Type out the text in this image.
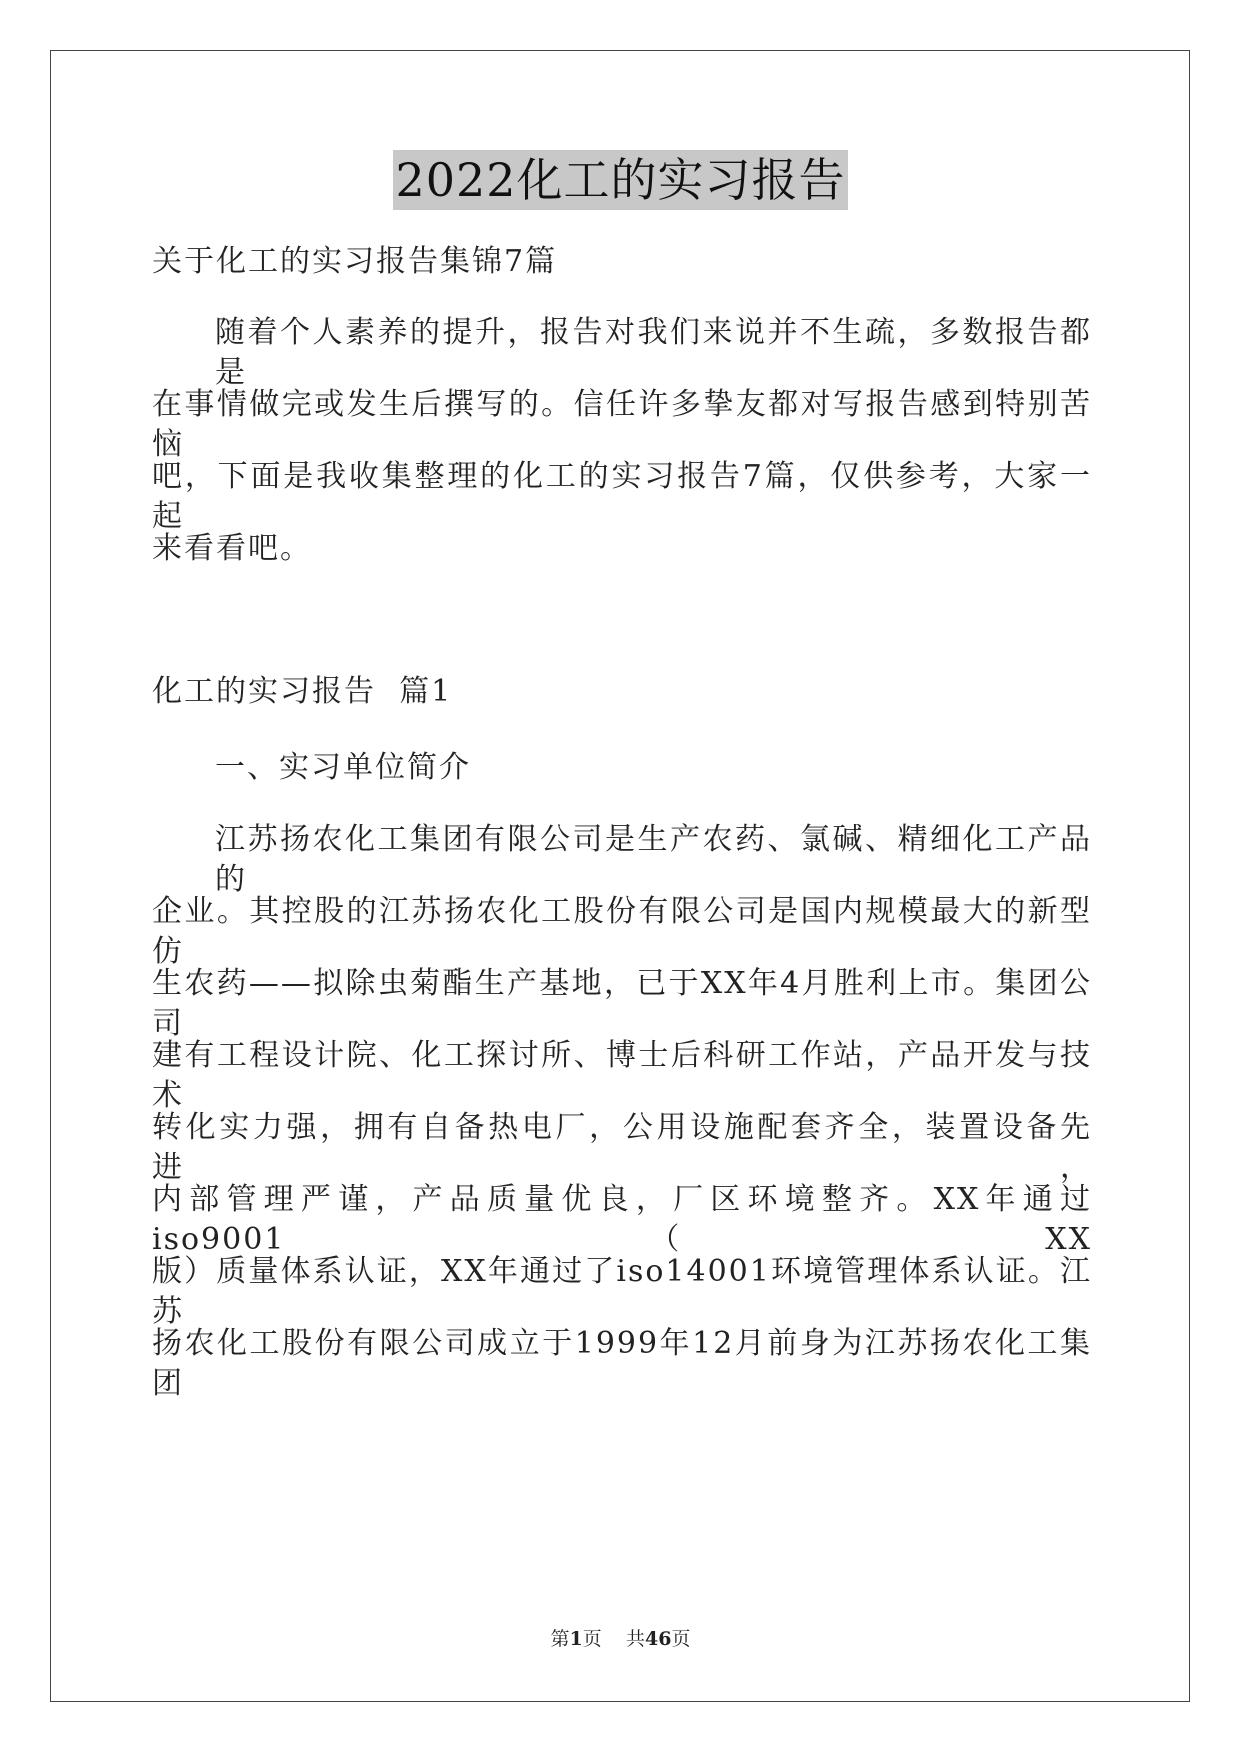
2022化工的实习报告
关于化工的实习报告集锦7篇
随着个人素养的提升，报告对我们来说并不生疏，多数报告都是
在事情做完或发生后撰写的。信任许多挚友都对写报告感到特别苦恼
吧，下面是我收集整理的化工的实习报告7篇，仅供参考，大家一起
来看看吧。
化工的实习报告  篇1
一、实习单位简介
江苏扬农化工集团有限公司是生产农药、氯碱、精细化工产品的
企业。其控股的江苏扬农化工股份有限公司是国内规模最大的新型仿
生农药——拟除虫菊酯生产基地，已于XX年4月胜利上市。集团公司
建有工程设计院、化工探讨所、博士后科研工作站，产品开发与技术
转化实力强，拥有自备热电厂，公用设施配套齐全，装置设备先进，
内部管理严谨，产品质量优良，厂区环境整齐。XX年通过iso9001（XX
版）质量体系认证，XX年通过了iso14001环境管理体系认证。江苏
扬农化工股份有限公司成立于1999年12月前身为江苏扬农化工集团
第1页 共46页
